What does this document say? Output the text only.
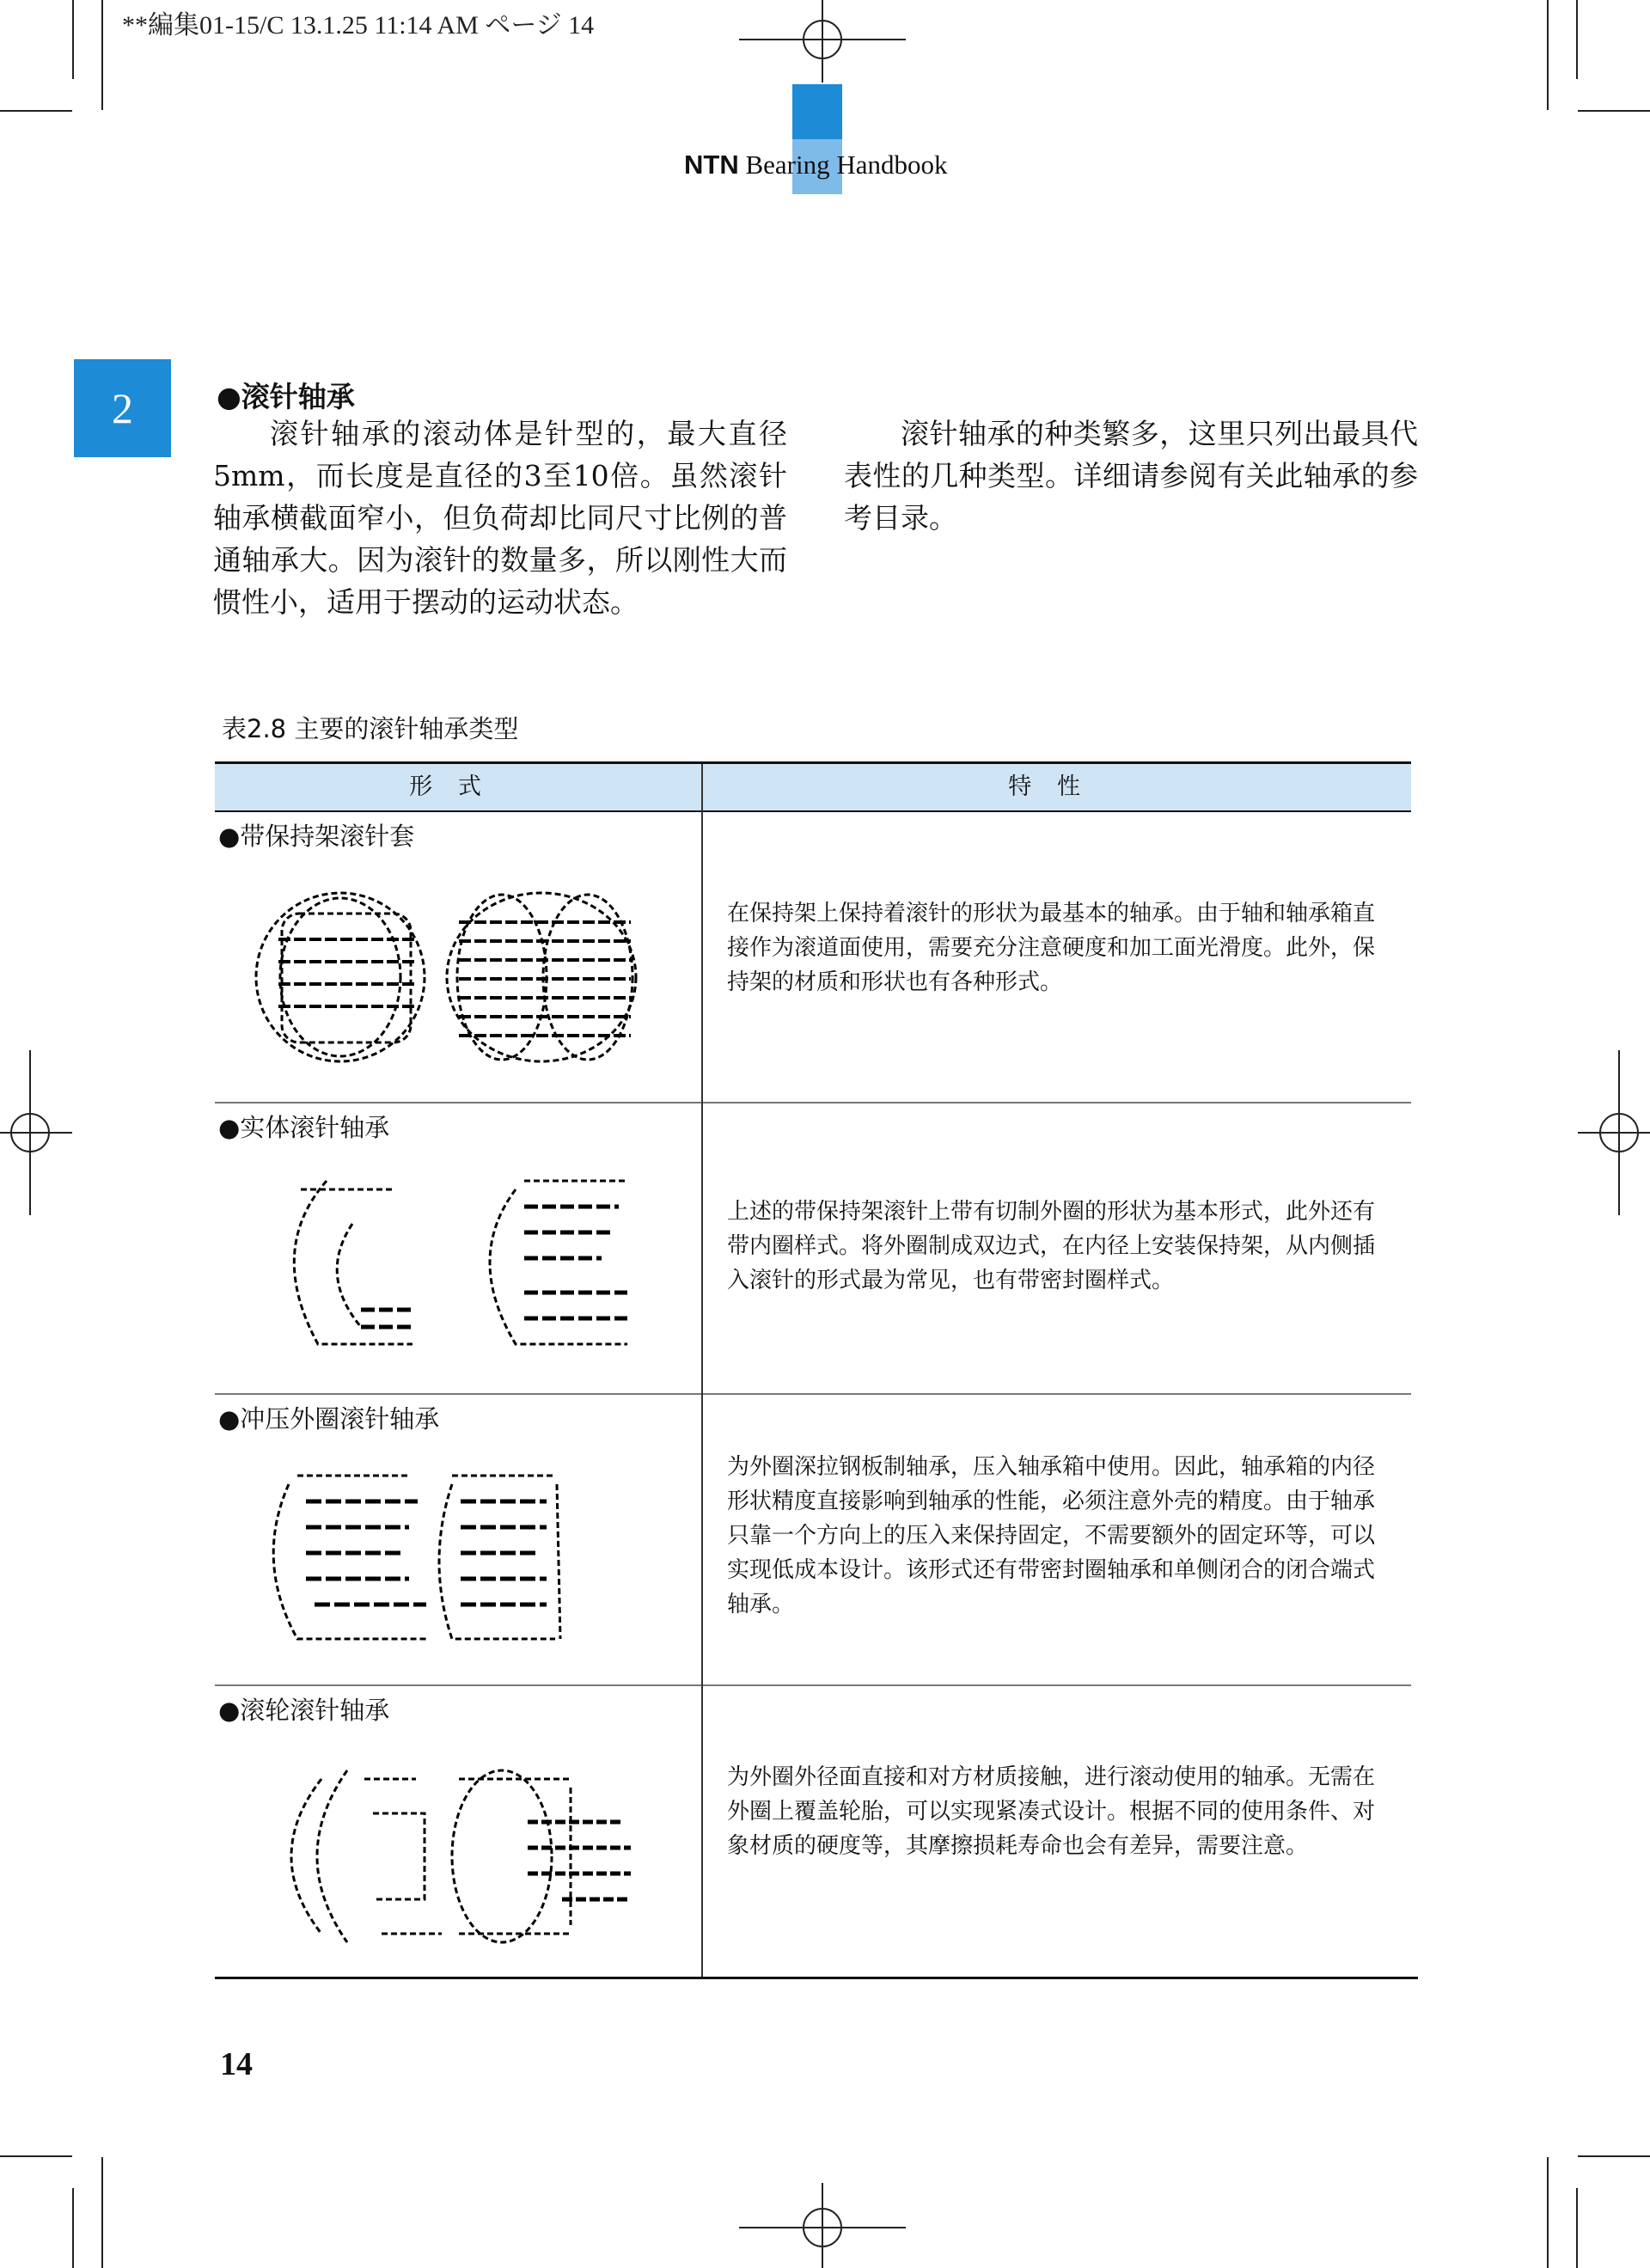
**編集01-15/C 13.1.25 11:14 AM ページ 14
NTN Bearing Handbook
2	●滚针轴承

滚针轴承的滚动体是针型的，最大直径5mm，而长度是直径的3至10倍。虽然滚针轴承横截面窄小，但负荷却比同尺寸比例的普通轴承大。因为滚针的数量多，所以刚性大而惯性小，适用于摆动的运动状态。

滚针轴承的种类繁多，这里只列出最具代表性的几种类型。详细请参阅有关此轴承的参考目录。

表2.8 主要的滚针轴承类型
形式	特性
●带保持架滚针套
在保持架上保持着滚针的形状为最基本的轴承。由于轴和轴承箱直接作为滚道面使用，需要充分注意硬度和加工面光滑度。此外，保持架的材质和形状也有各种形式。
●实体滚针轴承
上述的带保持架滚针上带有切制外圈的形状为基本形式，此外还有带内圈样式。将外圈制成双边式，在内径上安装保持架，从内侧插入滚针的形式最为常见，也有带密封圈样式。
●冲压外圈滚针轴承
为外圈深拉钢板制轴承，压入轴承箱中使用。因此，轴承箱的内径形状精度直接影响到轴承的性能，必须注意外壳的精度。由于轴承只靠一个方向上的压入来保持固定，不需要额外的固定环等，可以实现低成本设计。该形式还有带密封圈轴承和单侧闭合的闭合端式轴承。
●滚轮滚针轴承
为外圈外径面直接和对方材质接触，进行滚动使用的轴承。无需在外圈上覆盖轮胎，可以实现紧凑式设计。根据不同的使用条件、对象材质的硬度等，其摩擦损耗寿命也会有差异，需要注意。
14
